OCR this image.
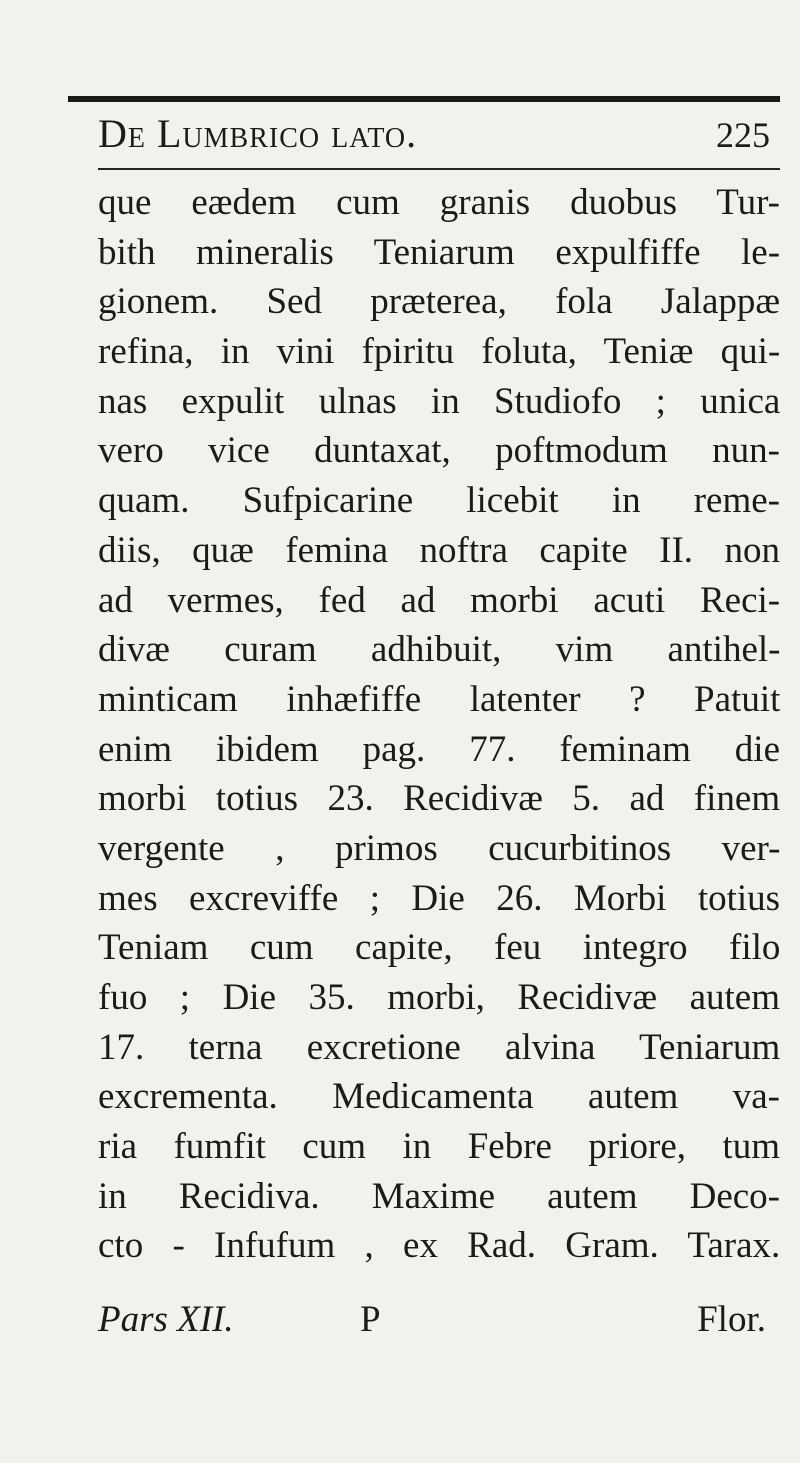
De Lumbrico lato.	225
que eædem cum granis duobus Tur-
bith mineralis Teniarum expulfiffe le-
gionem. Sed præterea, fola Jalappæ
refina, in vini fpiritu foluta, Teniæ qui-
nas expulit ulnas in Studiofo ; unica
vero vice duntaxat, poftmodum nun-
quam. Sufpicarine licebit in reme-
diis, quæ femina noftra capite II. non
ad vermes, fed ad morbi acuti Reci-
divæ curam adhibuit, vim antihel-
minticam inhæfiffe latenter ? Patuit
enim ibidem pag. 77. feminam die
morbi totius 23. Recidivæ 5. ad finem
vergente , primos cucurbitinos ver-
mes excreviffe ; Die 26. Morbi totius
Teniam cum capite, feu integro filo
fuo ; Die 35. morbi, Recidivæ autem
17. terna excretione alvina Teniarum
excrementa. Medicamenta autem va-
ria fumfit cum in Febre priore, tum
in Recidiva. Maxime autem Deco-
cto - Infufum , ex Rad. Gram. Tarax.
Pars XII.	P	Flor.
